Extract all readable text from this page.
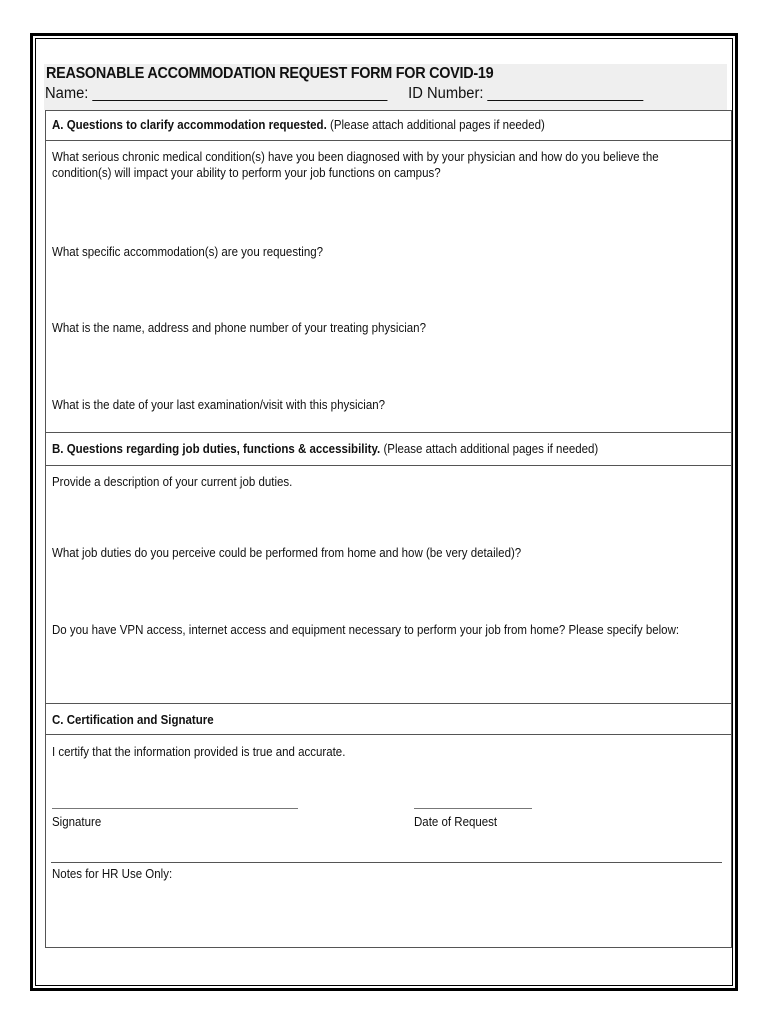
REASONABLE ACCOMMODATION REQUEST FORM FOR COVID-19
Name: ____________________________________ ID Number: ___________________
A. Questions to clarify accommodation requested. (Please attach additional pages if needed)
What serious chronic medical condition(s) have you been diagnosed with by your physician and how do you believe the condition(s) will impact your ability to perform your job functions on campus?
What specific accommodation(s) are you requesting?
What is the name, address and phone number of your treating physician?
What is the date of your last examination/visit with this physician?
B. Questions regarding job duties, functions & accessibility. (Please attach additional pages if needed)
Provide a description of your current job duties.
What job duties do you perceive could be performed from home and how (be very detailed)?
Do you have VPN access, internet access and equipment necessary to perform your job from home? Please specify below:
C. Certification and Signature
I certify that the information provided is true and accurate.
Signature	Date of Request
Notes for HR Use Only:
